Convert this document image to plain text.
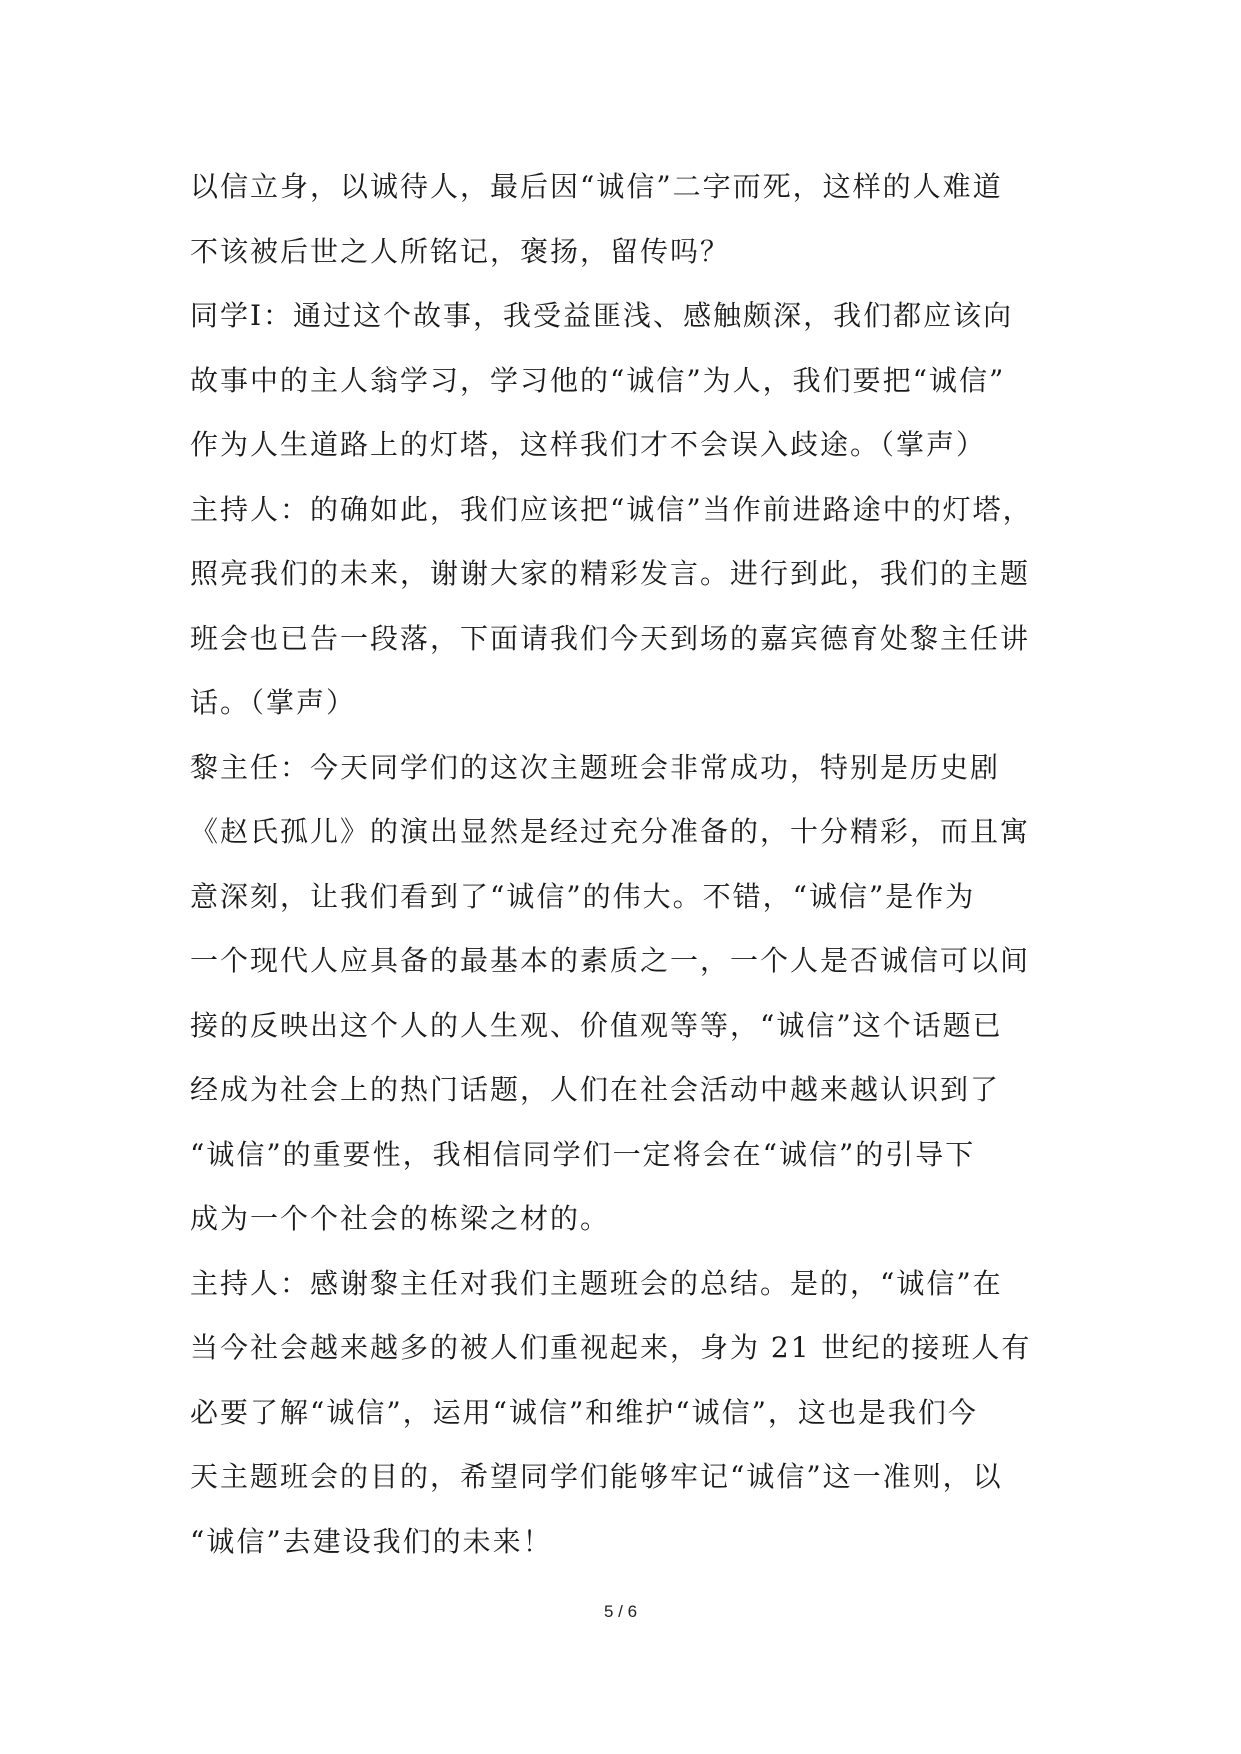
以信立身，以诚待人，最后因“诚信”二字而死，这样的人难道
不该被后世之人所铭记，褒扬，留传吗？
同学Ⅰ：通过这个故事，我受益匪浅、感触颇深，我们都应该向
故事中的主人翁学习，学习他的“诚信”为人，我们要把“诚信”
作为人生道路上的灯塔，这样我们才不会误入歧途。（掌声）
主持人：的确如此，我们应该把“诚信”当作前进路途中的灯塔，
照亮我们的未来，谢谢大家的精彩发言。进行到此，我们的主题
班会也已告一段落，下面请我们今天到场的嘉宾德育处黎主任讲
话。（掌声）
黎主任：今天同学们的这次主题班会非常成功，特别是历史剧
《赵氏孤儿》的演出显然是经过充分准备的，十分精彩，而且寓
意深刻，让我们看到了“诚信”的伟大。不错，“诚信”是作为
一个现代人应具备的最基本的素质之一，一个人是否诚信可以间
接的反映出这个人的人生观、价值观等等，“诚信”这个话题已
经成为社会上的热门话题，人们在社会活动中越来越认识到了
“诚信”的重要性，我相信同学们一定将会在“诚信”的引导下
成为一个个社会的栋梁之材的。
主持人：感谢黎主任对我们主题班会的总结。是的，“诚信”在
当今社会越来越多的被人们重视起来，身为 21 世纪的接班人有
必要了解“诚信”，运用“诚信”和维护“诚信”，这也是我们今
天主题班会的目的，希望同学们能够牢记“诚信”这一准则，以
“诚信”去建设我们的未来！
5 / 6
